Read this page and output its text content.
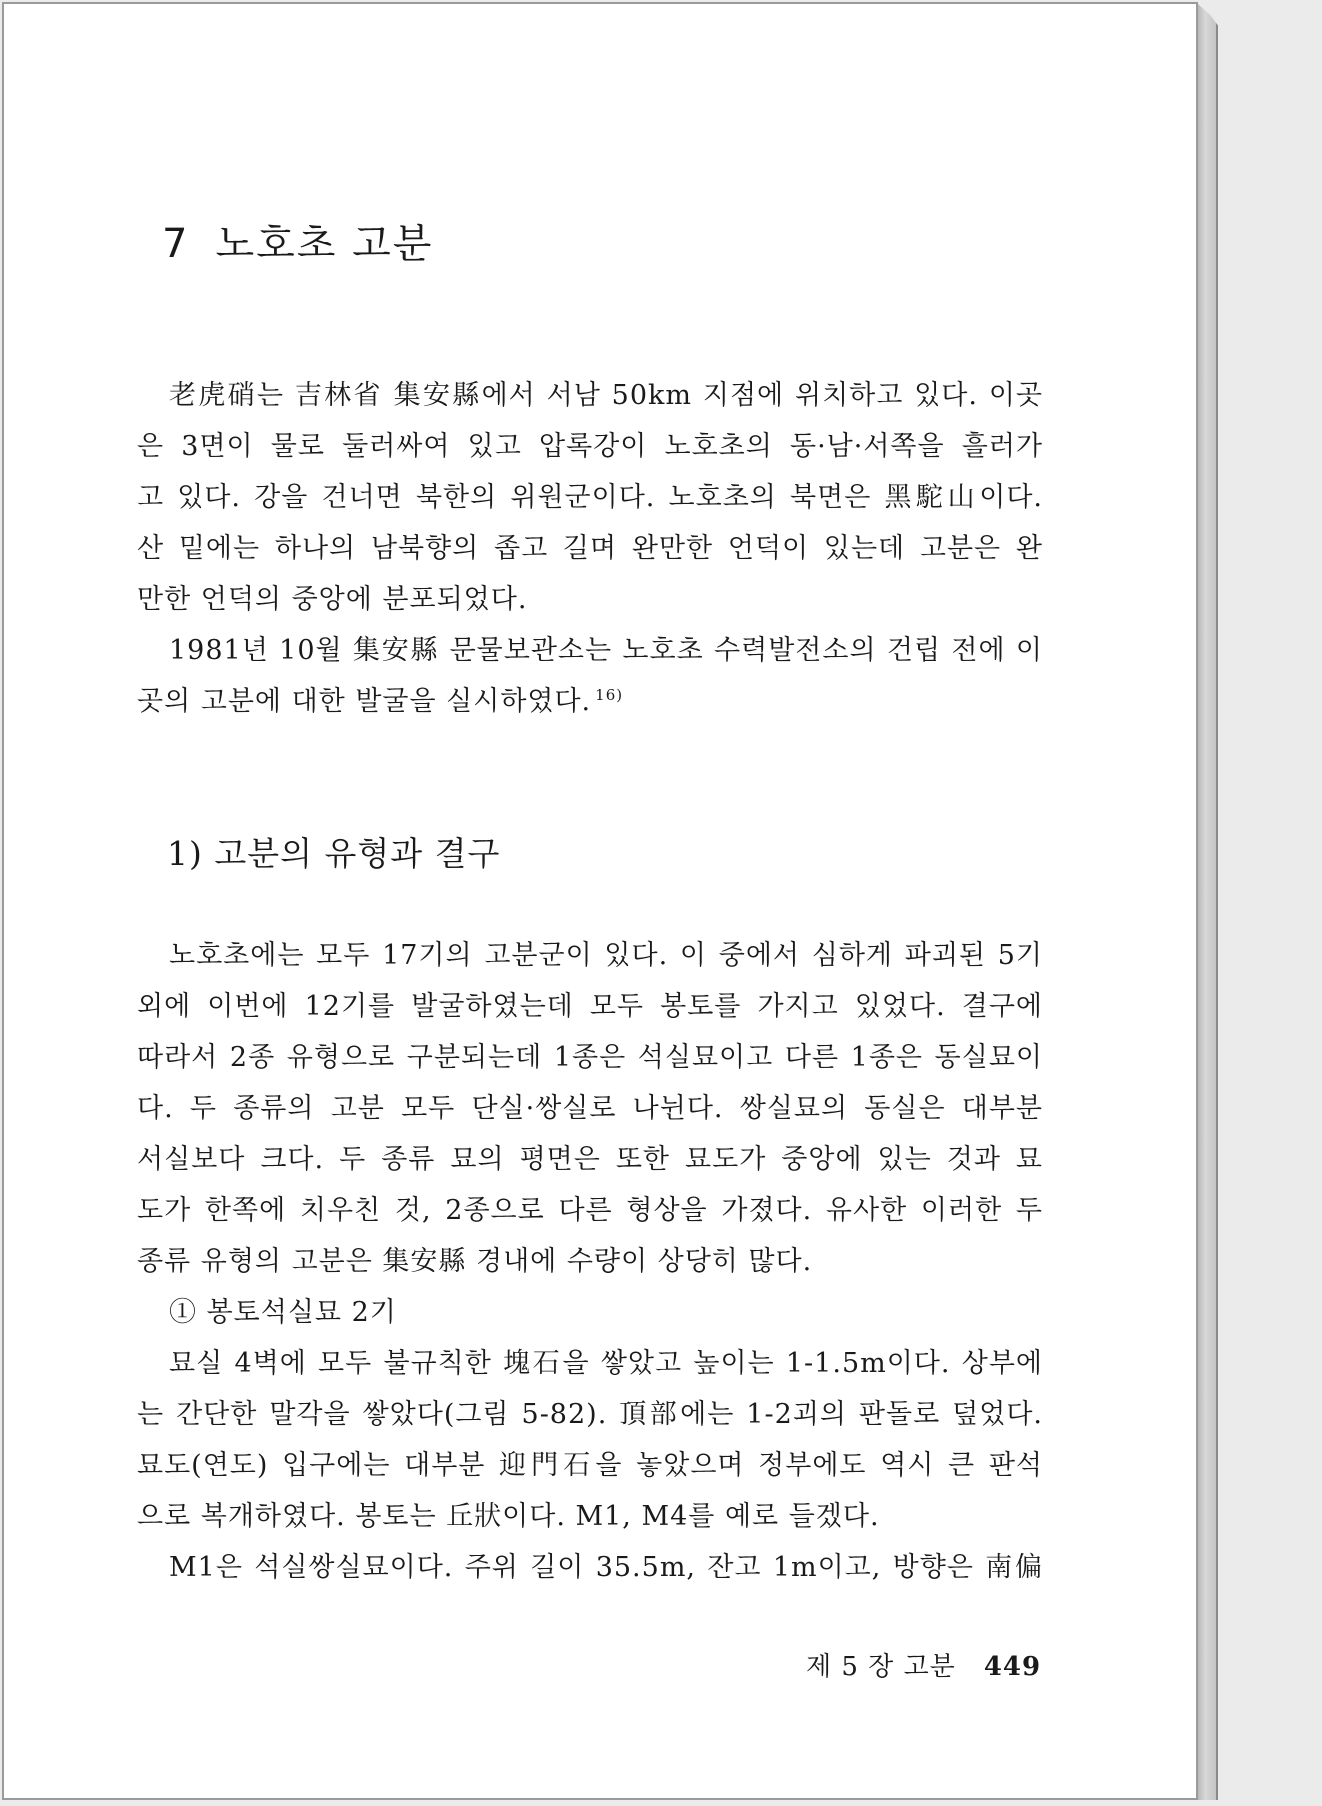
7 노호초 고분
老虎硝는 吉林省 集安縣에서 서남 50km 지점에 위치하고 있다. 이곳
은 3면이 물로 둘러싸여 있고 압록강이 노호초의 동·남·서쪽을 흘러가
고 있다. 강을 건너면 북한의 위원군이다. 노호초의 북면은 黑駝山이다.
산 밑에는 하나의 남북향의 좁고 길며 완만한 언덕이 있는데 고분은 완
만한 언덕의 중앙에 분포되었다.
1981년 10월 集安縣 문물보관소는 노호초 수력발전소의 건립 전에 이
곳의 고분에 대한 발굴을 실시하였다. $^{16)}$
1) 고분의 유형과 결구
노호초에는 모두 17기의 고분군이 있다. 이 중에서 심하게 파괴된 5기
외에 이번에 12기를 발굴하였는데 모두 봉토를 가지고 있었다. 결구에
따라서 2종 유형으로 구분되는데 1종은 석실묘이고 다른 1종은 동실묘이
다. 두 종류의 고분 모두 단실·쌍실로 나뉜다. 쌍실묘의 동실은 대부분
서실보다 크다. 두 종류 묘의 평면은 또한 묘도가 중앙에 있는 것과 묘
도가 한쪽에 치우친 것, 2종으로 다른 형상을 가졌다. 유사한 이러한 두
종류 유형의 고분은 集安縣 경내에 수량이 상당히 많다.
① 봉토석실묘 2기
묘실 4벽에 모두 불규칙한 塊石을 쌓았고 높이는 1-1.5m이다. 상부에
는 간단한 말각을 쌓았다(그림 5-82). 頂部에는 1-2괴의 판돌로 덮었다.
묘도(연도) 입구에는 대부분 迎門石을 놓았으며 정부에도 역시 큰 판석
으로 복개하였다. 봉토는 丘狀이다. M1, M4를 예로 들겠다.
M1은 석실쌍실묘이다. 주위 길이 35.5m, 잔고 1m이고, 방향은 南偏
제 5 장 고분 449
